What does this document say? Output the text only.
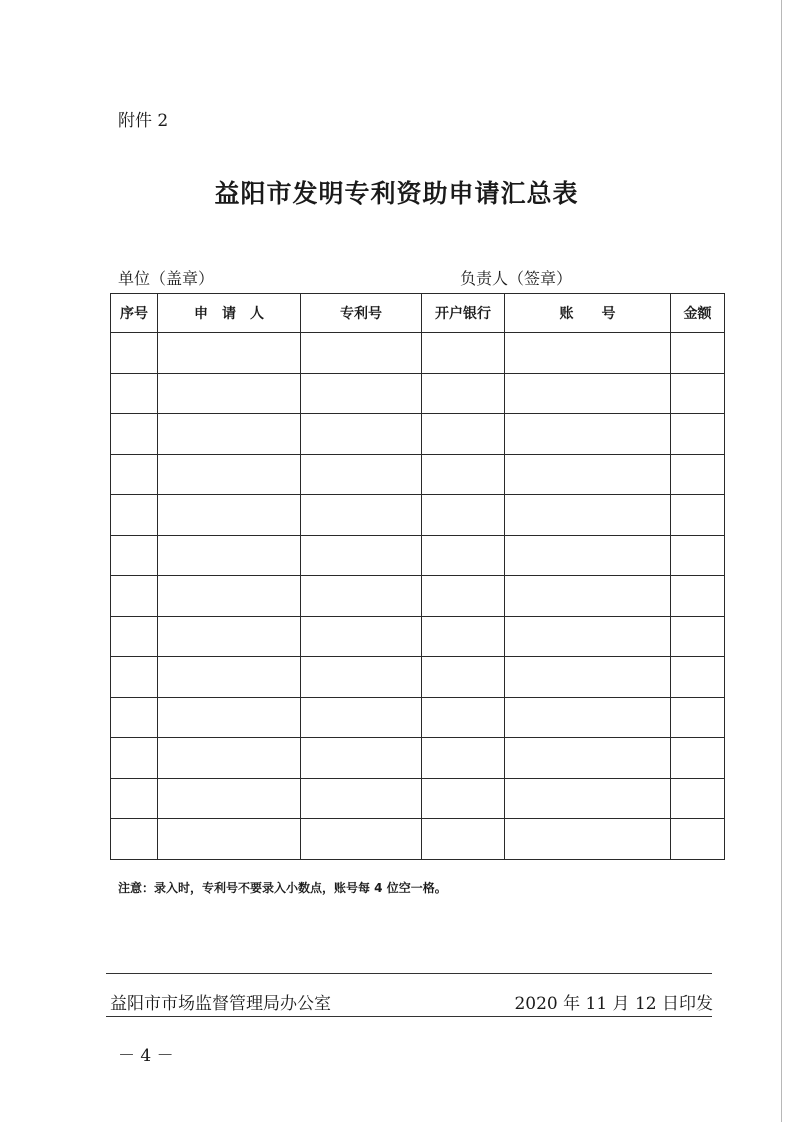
附件 2
益阳市发明专利资助申请汇总表
单位（盖章）	负责人（签章）
序号	申　请　人	专利号	开户银行	账　　号	金额

注意：录入时，专利号不要录入小数点，账号每 4 位空一格。
益阳市市场监督管理局办公室	2020 年 11 月 12 日印发
－ 4 －
